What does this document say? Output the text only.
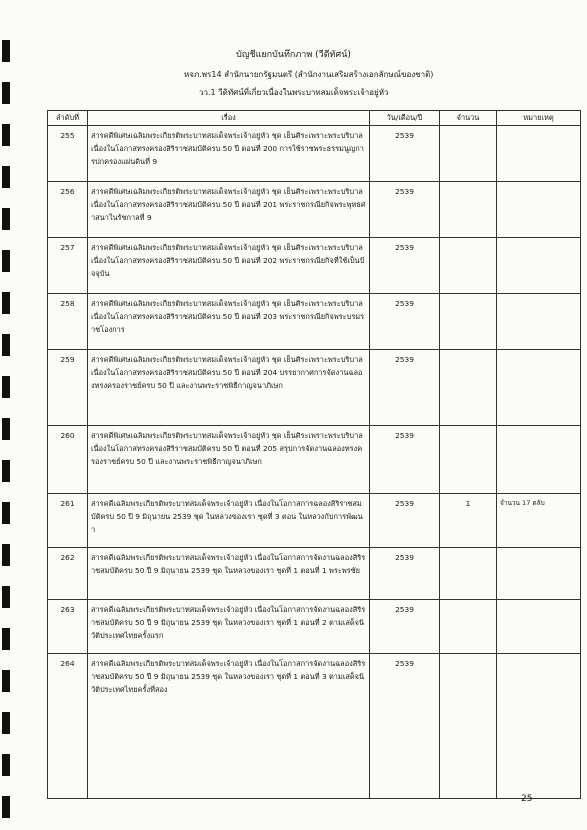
บัญชีแยกบันทึกภาพ (วีดีทัศน์)
หจภ.พร14 สำนักนายกรัฐมนตรี (สำนักงานเสริมสร้างเอกลักษณ์ของชาติ)
วว.1 วีดิทัศน์ที่เกี่ยวเนื่องในพระบาทสมเด็จพระเจ้าอยู่หัว
ลำดับที่	เรื่อง	วัน/เดือน/ปี	จำนวน	หมายเหตุ
255	สารคดีพิเศษเฉลิมพระเกียรติพระบาทสมเด็จพระเจ้าอยู่หัว ชุด เย็นศิระเพราะพระบริบาล เนื่องในโอกาสทรงครองสิริราชสมบัติครบ 50 ปี ตอนที่ 200 การใช้ราชพระธรรมนูญการปกครองแผ่นดินที่ 9	2539		
256	สารคดีพิเศษเฉลิมพระเกียรติพระบาทสมเด็จพระเจ้าอยู่หัว ชุด เย็นศิระเพราะพระบริบาล เนื่องในโอกาสทรงครองสิริราชสมบัติครบ 50 ปี ตอนที่ 201 พระราชกรณียกิจพระพุทธศาสนาในรัชกาลที่ 9	2539		
257	สารคดีพิเศษเฉลิมพระเกียรติพระบาทสมเด็จพระเจ้าอยู่หัว ชุด เย็นศิระเพราะพระบริบาล เนื่องในโอกาสทรงครองสิริราชสมบัติครบ 50 ปี ตอนที่ 202 พระราชกรณียกิจที่ใช้เป็นปัจจุบัน	2539		
258	สารคดีพิเศษเฉลิมพระเกียรติพระบาทสมเด็จพระเจ้าอยู่หัว ชุด เย็นศิระเพราะพระบริบาล เนื่องในโอกาสทรงครองสิริราชสมบัติครบ 50 ปี ตอนที่ 203 พระราชกรณียกิจพระบรมราชโองการ	2539		
259	สารคดีพิเศษเฉลิมพระเกียรติพระบาทสมเด็จพระเจ้าอยู่หัว ชุด เย็นศิระเพราะพระบริบาล เนื่องในโอกาสทรงครองสิริราชสมบัติครบ 50 ปี ตอนที่ 204 บรรยากาศการจัดงานฉลองทรงครองราชย์ครบ 50 ปี และงานพระราชพิธีกาญจนาภิเษก	2539		
260	สารคดีพิเศษเฉลิมพระเกียรติพระบาทสมเด็จพระเจ้าอยู่หัว ชุด เย็นศิระเพราะพระบริบาล เนื่องในโอกาสทรงครองสิริราชสมบัติครบ 50 ปี ตอนที่ 205 สรุปการจัดงานฉลองทรงครองราชย์ครบ 50 ปี และงานพระราชพิธีกาญจนาภิเษก	2539		
261	สารคดีเฉลิมพระเกียรติพระบาทสมเด็จพระเจ้าอยู่หัว เนื่องในโอกาสการฉลองสิริราชสมบัติครบ 50 ปี 9 มิถุนายน 2539 ชุด ในหลวงของเรา ชุดที่ 3 ตอน ในหลวงกับการพัฒนา	2539	1	จำนวน 17 ตลับ
262	สารคดีเฉลิมพระเกียรติพระบาทสมเด็จพระเจ้าอยู่หัว เนื่องในโอกาสการจัดงานฉลองสิริราชสมบัติครบ 50 ปี 9 มิถุนายน 2539 ชุด ในหลวงของเรา ชุดที่ 1 ตอนที่ 1 พระพรชัย	2539		
263	สารคดีเฉลิมพระเกียรติพระบาทสมเด็จพระเจ้าอยู่หัว เนื่องในโอกาสการจัดงานฉลองสิริราชสมบัติครบ 50 ปี 9 มิถุนายน 2539 ชุด ในหลวงของเรา ชุดที่ 1 ตอนที่ 2 ตามเสด็จนิวัติประเทศไทยครั้งแรก	2539		
264	สารคดีเฉลิมพระเกียรติพระบาทสมเด็จพระเจ้าอยู่หัว เนื่องในโอกาสการจัดงานฉลองสิริราชสมบัติครบ 50 ปี 9 มิถุนายน 2539 ชุด ในหลวงของเรา ชุดที่ 1 ตอนที่ 3 ตามเสด็จนิวัติประเทศไทยครั้งที่สอง	2539		
25
